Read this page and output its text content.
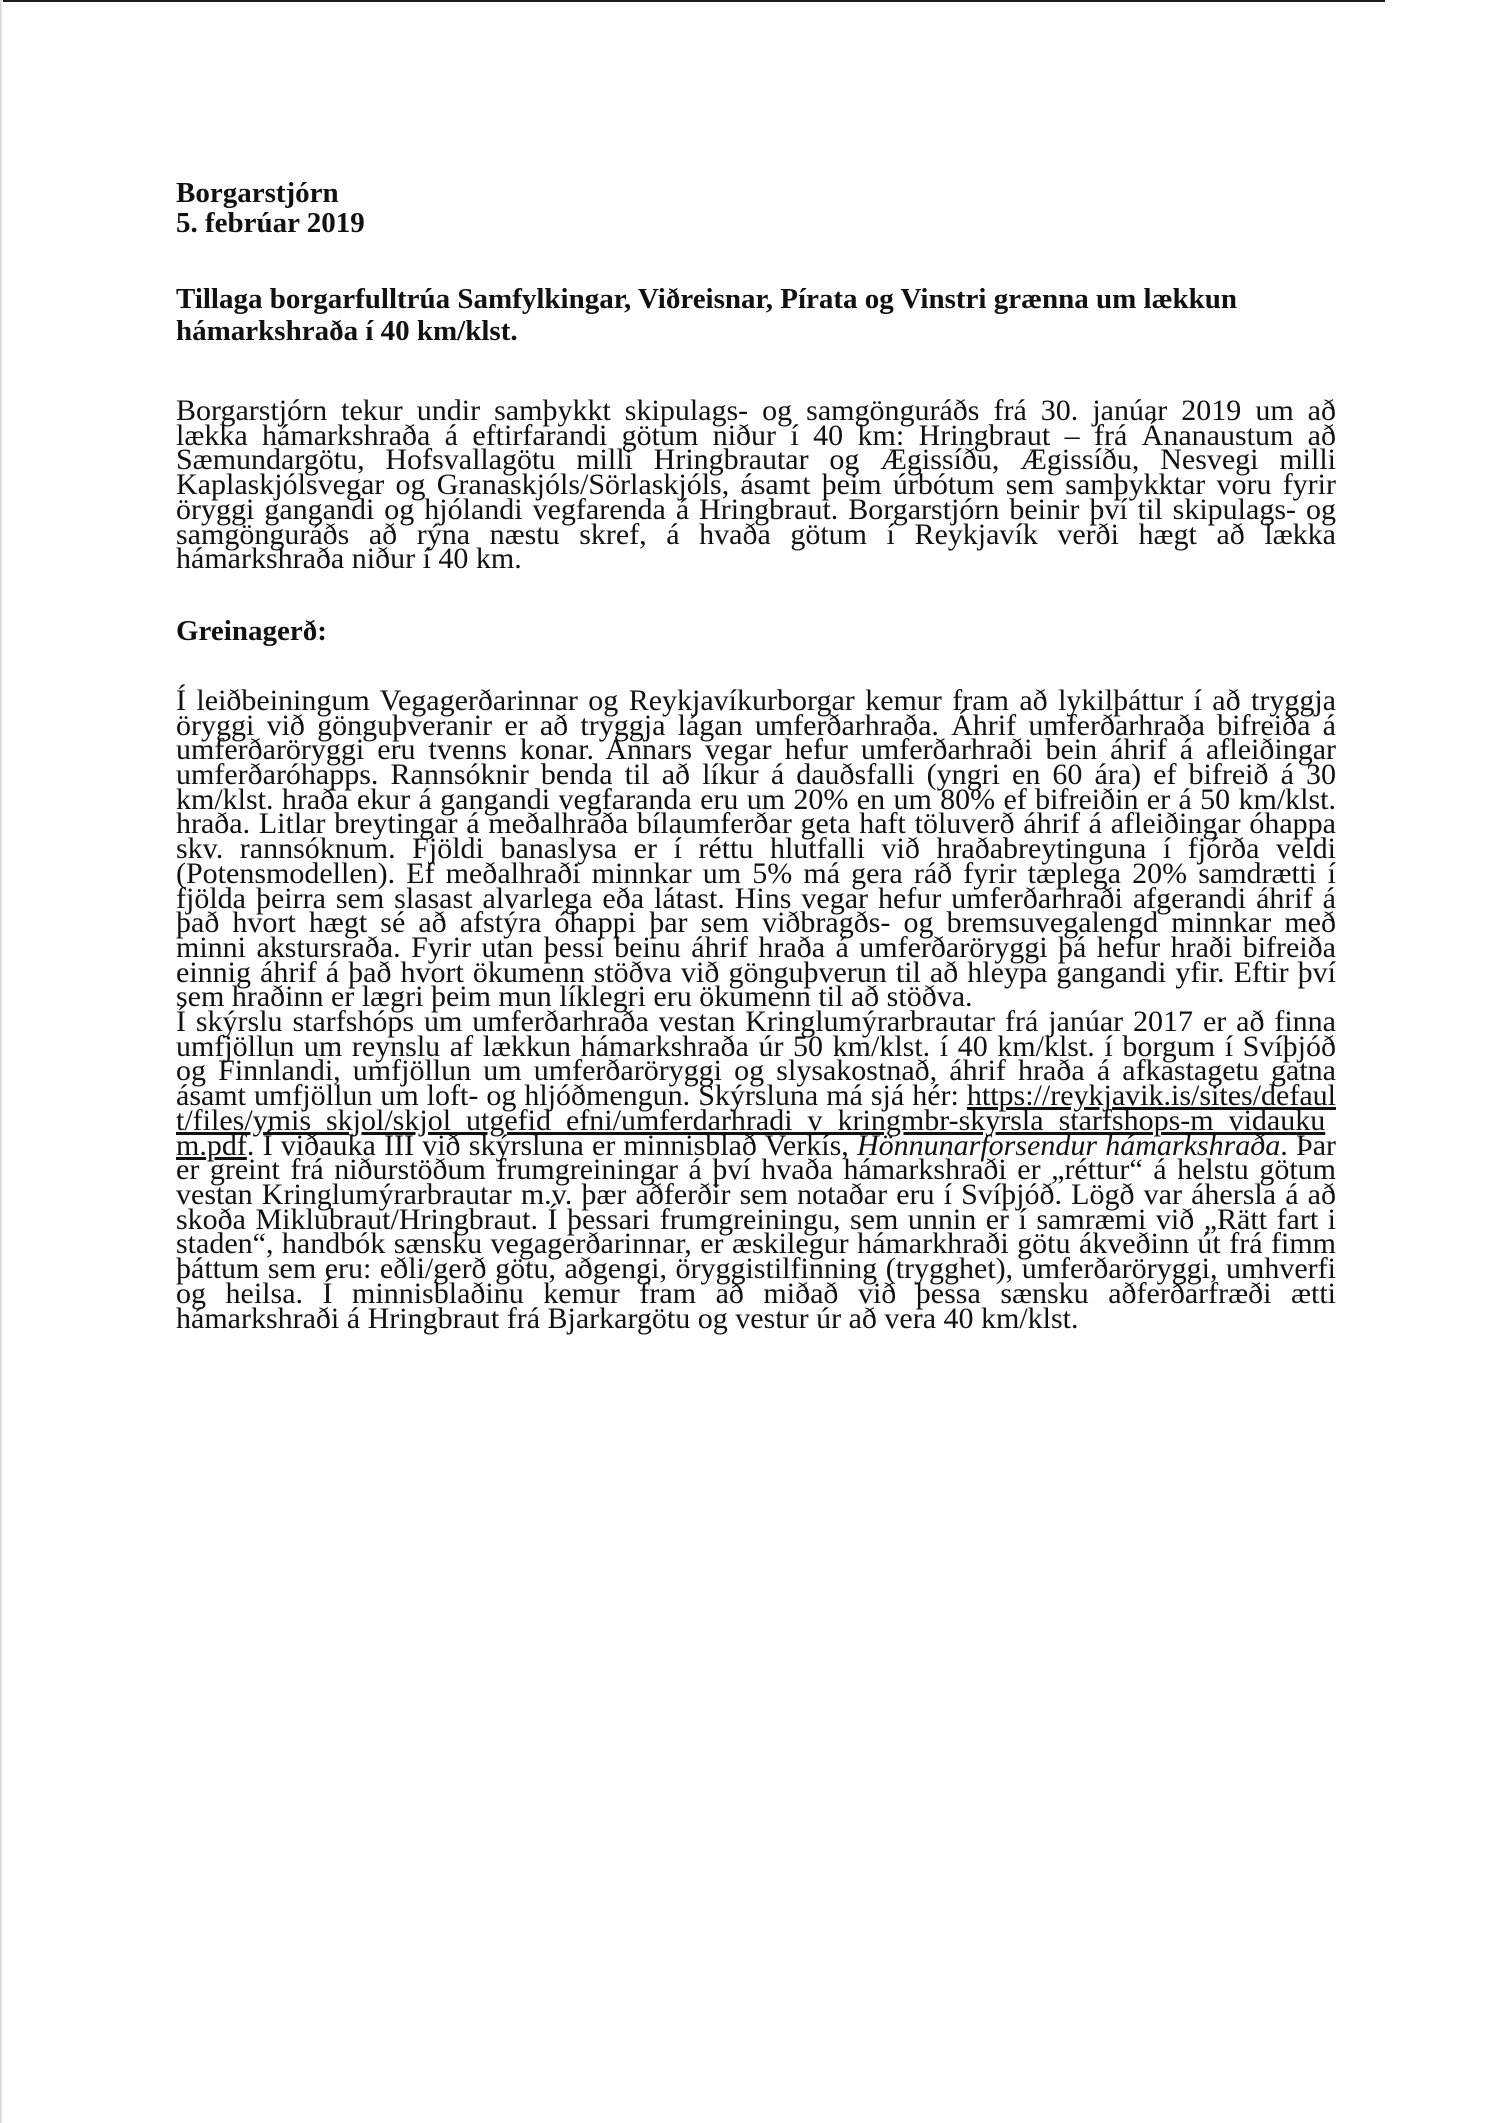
Borgarstjórn

5. febrúar 2019

Tillaga borgarfulltrúa Samfylkingar, Viðreisnar, Pírata og Vinstri grænna um lækkun hámarkshraða í 40 km/klst.

Borgarstjórn tekur undir samþykkt skipulags- og samgönguráðs frá 30. janúar 2019 um að lækka hámarkshraða á eftirfarandi götum niður í 40 km: Hringbraut – frá Ánanaustum að Sæmundargötu, Hofsvallagötu milli Hringbrautar og Ægissíðu, Ægissíðu, Nesvegi milli Kaplaskjólsvegar og Granaskjóls/Sörlaskjóls, ásamt þeim úrbótum sem samþykktar voru fyrir öryggi gangandi og hjólandi vegfarenda á Hringbraut. Borgarstjórn beinir því til skipulags- og samgönguráðs að rýna næstu skref, á hvaða götum í Reykjavík verði hægt að lækka hámarkshraða niður í 40 km.

Greinagerð:

Í leiðbeiningum Vegagerðarinnar og Reykjavíkurborgar kemur fram að lykilþáttur í að tryggja öryggi við gönguþveranir er að tryggja lágan umferðarhraða. Áhrif umferðarhraða bifreiða á umferðaröryggi eru tvenns konar. Annars vegar hefur umferðarhraði bein áhrif á afleiðingar umferðaróhapps. Rannsóknir benda til að líkur á dauðsfalli (yngri en 60 ára) ef bifreið á 30 km/klst. hraða ekur á gangandi vegfaranda eru um 20% en um 80% ef bifreiðin er á 50 km/klst. hraða. Litlar breytingar á meðalhraða bílaumferðar geta haft töluverð áhrif á afleiðingar óhappa skv. rannsóknum. Fjöldi banaslysa er í réttu hlutfalli við hraðabreytinguna í fjórða veldi (Potensmodellen). Ef meðalhraði minnkar um 5% má gera ráð fyrir tæplega 20% samdrætti í fjölda þeirra sem slasast alvarlega eða látast. Hins vegar hefur umferðarhraði afgerandi áhrif á það hvort hægt sé að afstýra óhappi þar sem viðbragðs- og bremsuvegalengd minnkar með minni akstursraða. Fyrir utan þessi beinu áhrif hraða á umferðaröryggi þá hefur hraði bifreiða einnig áhrif á það hvort ökumenn stöðva við gönguþverun til að hleypa gangandi yfir. Eftir því sem hraðinn er lægri þeim mun líklegri eru ökumenn til að stöðva.

Í skýrslu starfshóps um umferðarhraða vestan Kringlumýrarbrautar frá janúar 2017 er að finna umfjöllun um reynslu af lækkun hámarkshraða úr 50 km/klst. í 40 km/klst. í borgum í Svíþjóð og Finnlandi, umfjöllun um umferðaröryggi og slysakostnað, áhrif hraða á afkastagetu gatna ásamt umfjöllun um loft- og hljóðmengun. Skýrsluna má sjá hér: https://reykjavik.is/sites/default/files/ymis_skjol/skjol_utgefid_efni/umferdarhradi_v_kringmbr-skyrsla_starfshops-m_vidaukum.pdf. Í viðauka III við skýrsluna er minnisblað Verkís, Hönnunarforsendur hámarkshraða. Þar er greint frá niðurstöðum frumgreiningar á því hvaða hámarkshraði er „réttur“ á helstu götum vestan Kringlumýrarbrautar m.v. þær aðferðir sem notaðar eru í Svíþjóð. Lögð var áhersla á að skoða Miklubraut/Hringbraut. Í þessari frumgreiningu, sem unnin er í samræmi við „Rätt fart i staden“, handbók sænsku vegagerðarinnar, er æskilegur hámarkhraði götu ákveðinn út frá fimm þáttum sem eru: eðli/gerð götu, aðgengi, öryggistilfinning (trygghet), umferðaröryggi, umhverfi og heilsa. Í minnisblaðinu kemur fram að miðað við þessa sænsku aðferðarfræði ætti hámarkshraði á Hringbraut frá Bjarkargötu og vestur úr að vera 40 km/klst.
